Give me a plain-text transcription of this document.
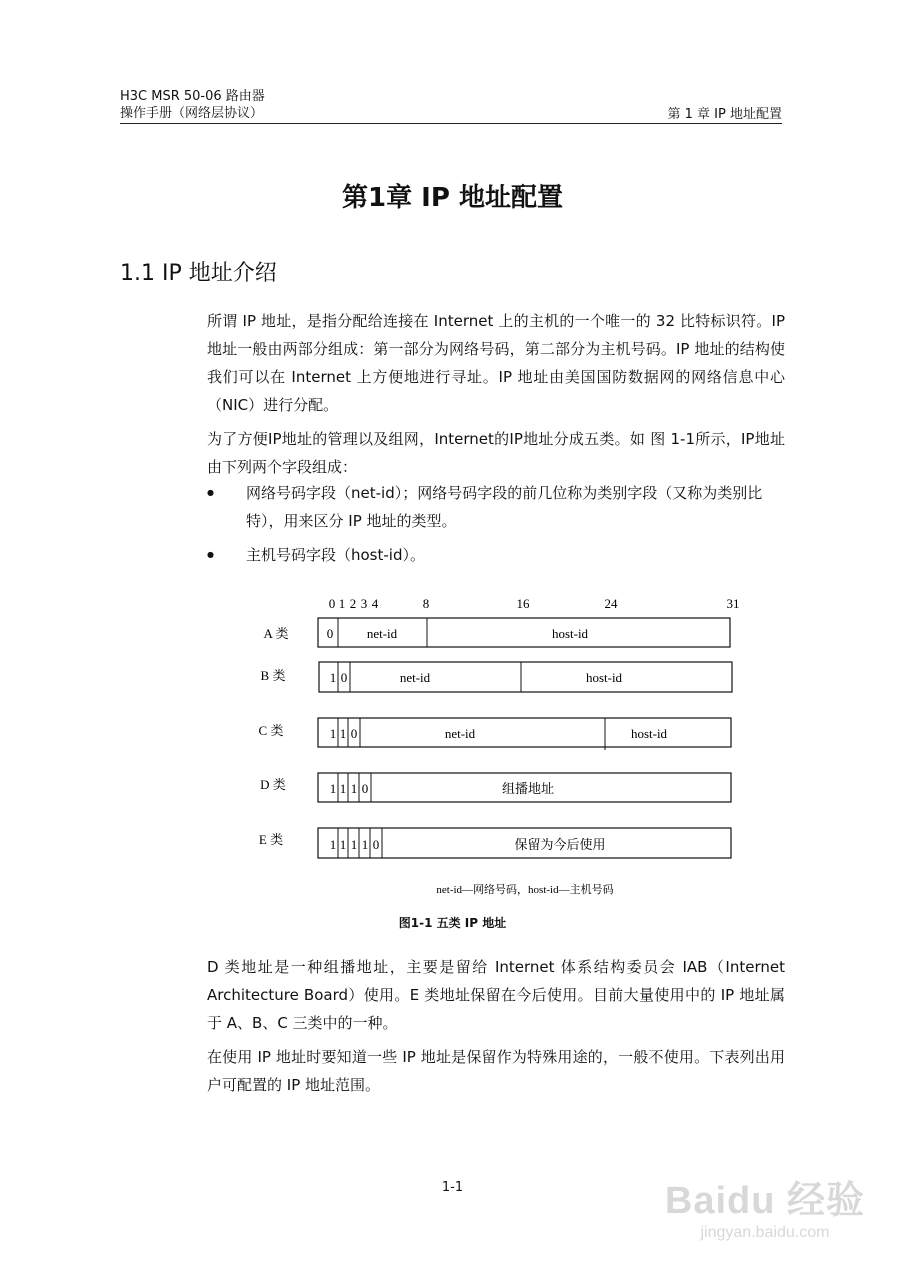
H3C MSR 50-06 路由器
操作手册（网络层协议）	第 1 章 IP 地址配置
第1章 IP 地址配置
1.1 IP 地址介绍

所谓 IP 地址，是指分配给连接在 Internet 上的主机的一个唯一的 32 比特标识符。IP 地址一般由两部分组成：第一部分为网络号码，第二部分为主机号码。IP 地址的结构使我们可以在 Internet 上方便地进行寻址。IP 地址由美国国防数据网的网络信息中心（NIC）进行分配。

为了方便IP地址的管理以及组网，Internet的IP地址分成五类。如 图 1-1所示，IP地址由下列两个字段组成：

● 网络号码字段（net-id）；网络号码字段的前几位称为类别字段（又称为类别比特），用来区分 IP 地址的类型。
● 主机号码字段（host-id）。
0 1 2 3 4	8	16	24	31
A 类	0	net-id	host-id
B 类	1 0	net-id	host-id
C 类	1 1 0	net-id	host-id
D 类	1 1 1 0	组播地址
E 类	1 1 1 1 0	保留为今后使用
net-id—网络号码，host-id—主机号码
图1-1 五类 IP 地址

D 类地址是一种组播地址，主要是留给 Internet 体系结构委员会 IAB（Internet Architecture Board）使用。E 类地址保留在今后使用。目前大量使用中的 IP 地址属于 A、B、C 三类中的一种。

在使用 IP 地址时要知道一些 IP 地址是保留作为特殊用途的，一般不使用。下表列出用户可配置的 IP 地址范围。

1-1	Baidu 经验
jingyan.baidu.com
